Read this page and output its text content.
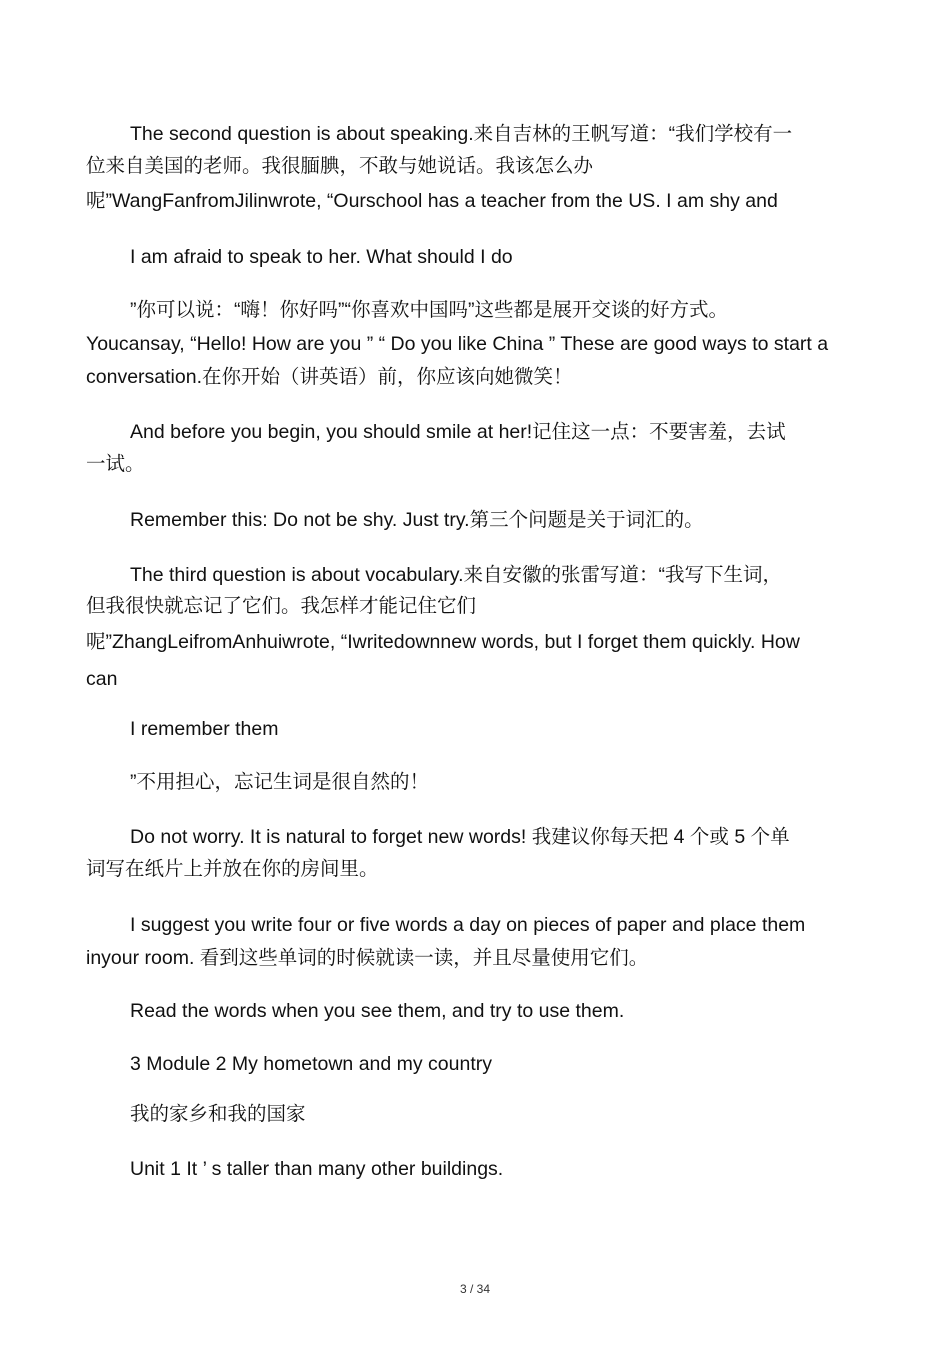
The second question is about speaking.来自吉林的王帆写道：“我们学校有一

位来自美国的老师。我很腼腆，不敢与她说话。我该怎么办

呢”WangFanfromJilinwrote, “Ourschool has a teacher from the US. I am shy and

I am afraid to speak to her. What should I do

”你可以说：“嗨！你好吗”“你喜欢中国吗”这些都是展开交谈的好方式。

Youcansay, “Hello! How are you ” “ Do you like China ” These are good ways to start a

conversation.在你开始（讲英语）前，你应该向她微笑！

And before you begin, you should smile at her!记住这一点：不要害羞，去试

一试。

Remember this: Do not be shy. Just try.第三个问题是关于词汇的。

The third question is about vocabulary.来自安徽的张雷写道：“我写下生词，

但我很快就忘记了它们。我怎样才能记住它们

呢”ZhangLeifromAnhuiwrote, “Iwritedownnew words, but I forget them quickly. How

can

I remember them

”不用担心，忘记生词是很自然的！

Do not worry. It is natural to forget new words! 我建议你每天把 4 个或 5 个单

词写在纸片上并放在你的房间里。

I suggest you write four or five words a day on pieces of paper and place them

inyour room. 看到这些单词的时候就读一读，并且尽量使用它们。

Read the words when you see them, and try to use them.

3 Module 2 My hometown and my country

我的家乡和我的国家

Unit 1 It ’ s taller than many other buildings.

3 / 34
